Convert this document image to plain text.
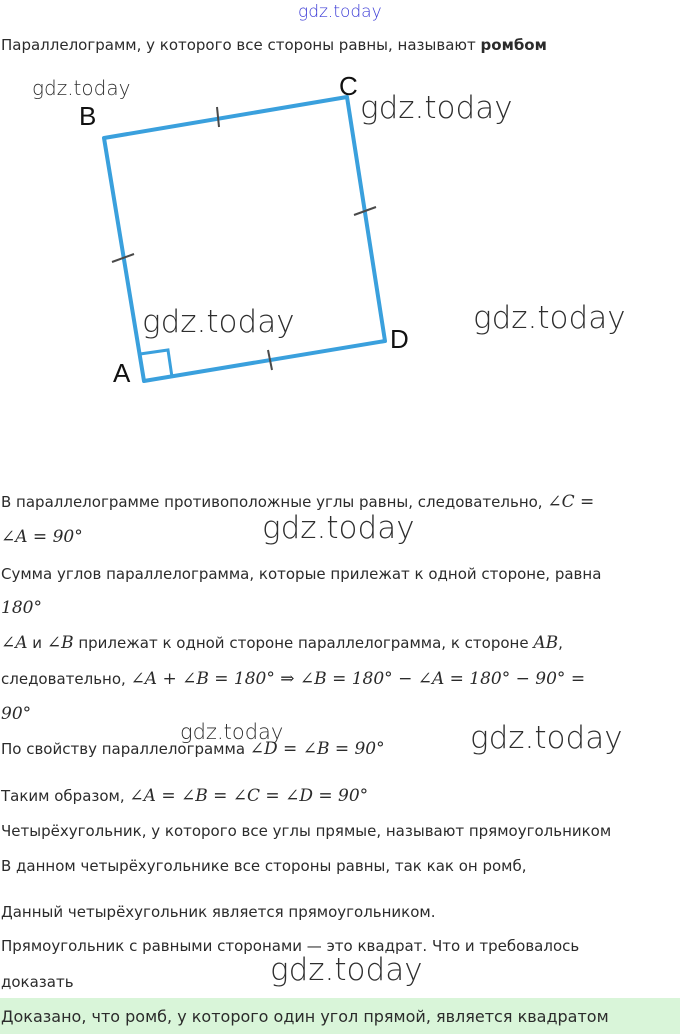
gdz.today
gdz.today
gdz.today
gdz.today	gdz.today
gdz.today
gdz.today	gdz.today
gdz.today
Параллелограмм, у которого все стороны равны, называют ромбом
B
C
D
A
В параллелограмме противоположные углы равны, следовательно, ∠C =
∠A = 90°
Сумма углов параллелограмма, которые прилежат к одной стороне, равна
180°
∠A и ∠B прилежат к одной стороне параллелограмма, к стороне AB,
следовательно, ∠A + ∠B = 180° ⇒ ∠B = 180° − ∠A = 180° − 90° =
90°
По свойству параллелограмма ∠D = ∠B = 90°
Таким образом, ∠A = ∠B = ∠C = ∠D = 90°
Четырёхугольник, у которого все углы прямые, называют прямоугольником
В данном четырёхугольнике все стороны равны, так как он ромб,
Данный четырёхугольник является прямоугольником.
Прямоугольник с равными сторонами — это квадрат. Что и требовалось
доказать
Доказано, что ромб, у которого один угол прямой, является квадратом
